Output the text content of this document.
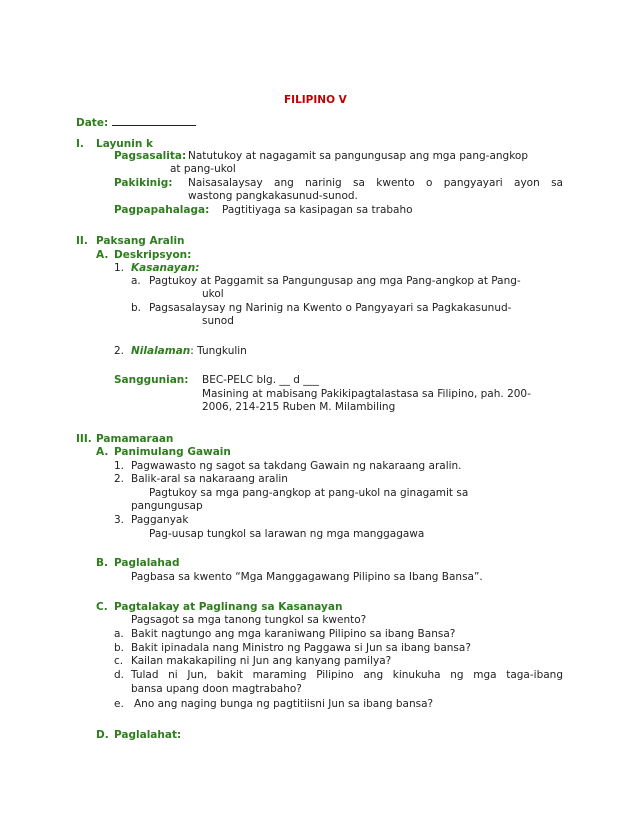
FILIPINO V
Date:
I. Layunin k
Pagsasalita: Natutukoy at nagagamit sa pangungusap ang mga pang-angkop
at pang-ukol
Pakikinig: Naisasalaysay ang narinig sa kwento o pangyayari ayon sa
wastong pangkakasunud-sunod.
Pagpapahalaga: Pagtitiyaga sa kasipagan sa trabaho
II. Paksang Aralin
A. Deskripsyon:
1. Kasanayan:
a. Pagtukoy at Paggamit sa Pangungusap ang mga Pang-angkop at Pang-
ukol
b. Pagsasalaysay ng Narinig na Kwento o Pangyayari sa Pagkakasunud-
sunod
2. Nilalaman: Tungkulin
Sanggunian: BEC-PELC blg. __ d ___
Masining at mabisang Pakikipagtalastasa sa Filipino, pah. 200-
2006, 214-215 Ruben M. Milambiling
III. Pamamaraan
A. Panimulang Gawain
1. Pagwawasto ng sagot sa takdang Gawain ng nakaraang aralin.
2. Balik-aral sa nakaraang aralin
Pagtukoy sa mga pang-angkop at pang-ukol na ginagamit sa
pangungusap
3. Pagganyak
Pag-uusap tungkol sa larawan ng mga manggagawa
B. Paglalahad
Pagbasa sa kwento “Mga Manggagawang Pilipino sa Ibang Bansa”.
C. Pagtalakay at Paglinang sa Kasanayan
Pagsagot sa mga tanong tungkol sa kwento?
a. Bakit nagtungo ang mga karaniwang Pilipino sa ibang Bansa?
b. Bakit ipinadala nang Ministro ng Paggawa si Jun sa ibang bansa?
c. Kailan makakapiling ni Jun ang kanyang pamilya?
d. Tulad ni Jun, bakit maraming Pilipino ang kinukuha ng mga taga-ibang
bansa upang doon magtrabaho?
e. Ano ang naging bunga ng pagtitiisni Jun sa ibang bansa?
D. Paglalahat:
